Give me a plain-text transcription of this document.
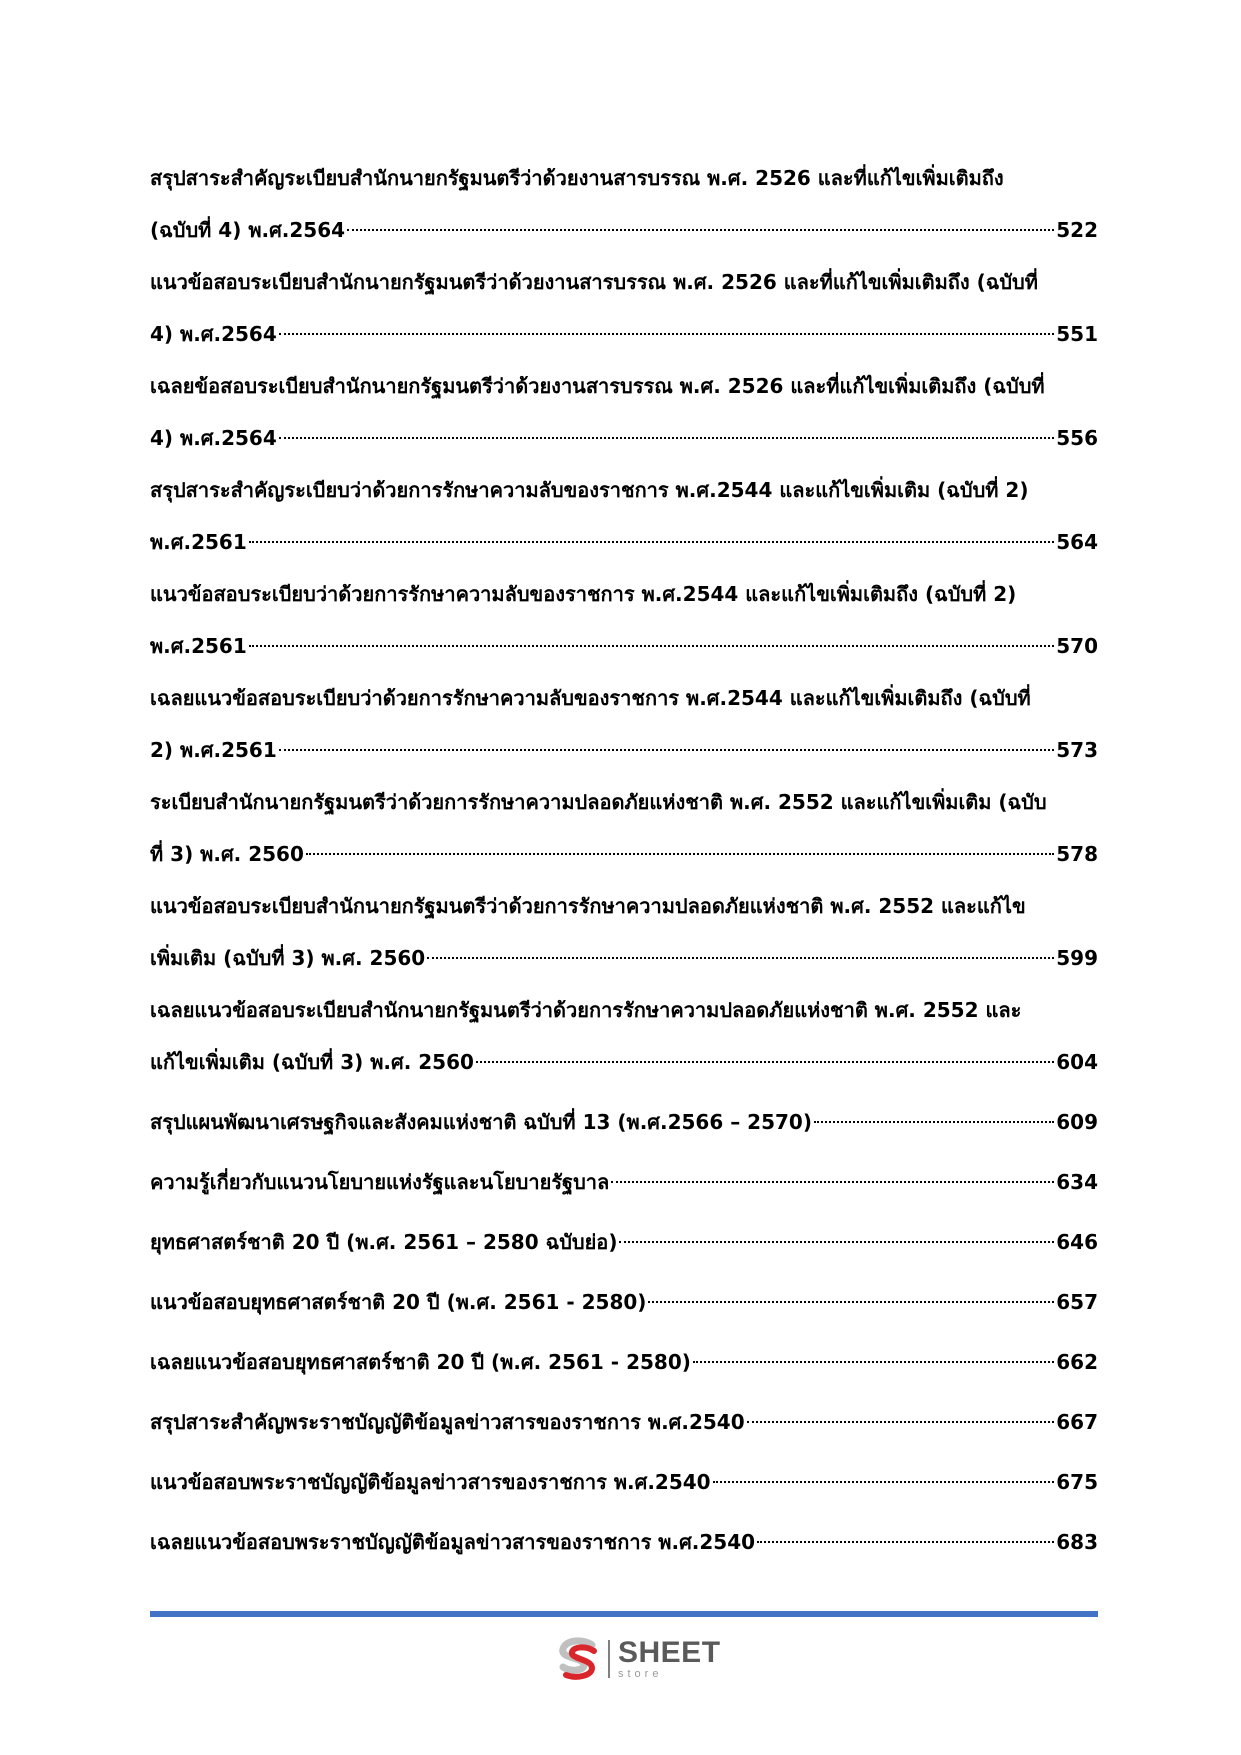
สรุปสาระสำคัญระเบียบสำนักนายกรัฐมนตรีว่าด้วยงานสารบรรณ พ.ศ. 2526 และที่แก้ไขเพิ่มเติมถึง
(ฉบับที่ 4) พ.ศ.2564	522
แนวข้อสอบระเบียบสำนักนายกรัฐมนตรีว่าด้วยงานสารบรรณ พ.ศ. 2526 และที่แก้ไขเพิ่มเติมถึง (ฉบับที่
4) พ.ศ.2564	551
เฉลยข้อสอบระเบียบสำนักนายกรัฐมนตรีว่าด้วยงานสารบรรณ พ.ศ. 2526 และที่แก้ไขเพิ่มเติมถึง (ฉบับที่
4) พ.ศ.2564	556
สรุปสาระสำคัญระเบียบว่าด้วยการรักษาความลับของราชการ พ.ศ.2544 และแก้ไขเพิ่มเติม (ฉบับที่ 2)
พ.ศ.2561	564
แนวข้อสอบระเบียบว่าด้วยการรักษาความลับของราชการ พ.ศ.2544 และแก้ไขเพิ่มเติมถึง (ฉบับที่ 2)
พ.ศ.2561	570
เฉลยแนวข้อสอบระเบียบว่าด้วยการรักษาความลับของราชการ พ.ศ.2544 และแก้ไขเพิ่มเติมถึง (ฉบับที่
2) พ.ศ.2561	573
ระเบียบสำนักนายกรัฐมนตรีว่าด้วยการรักษาความปลอดภัยแห่งชาติ พ.ศ. 2552 และแก้ไขเพิ่มเติม (ฉบับ
ที่ 3) พ.ศ. 2560	578
แนวข้อสอบระเบียบสำนักนายกรัฐมนตรีว่าด้วยการรักษาความปลอดภัยแห่งชาติ พ.ศ. 2552 และแก้ไข
เพิ่มเติม (ฉบับที่ 3) พ.ศ. 2560	599
เฉลยแนวข้อสอบระเบียบสำนักนายกรัฐมนตรีว่าด้วยการรักษาความปลอดภัยแห่งชาติ พ.ศ. 2552 และ
แก้ไขเพิ่มเติม (ฉบับที่ 3) พ.ศ. 2560	604
สรุปแผนพัฒนาเศรษฐกิจและสังคมแห่งชาติ ฉบับที่ 13 (พ.ศ.2566 – 2570)	609
ความรู้เกี่ยวกับแนวนโยบายแห่งรัฐและนโยบายรัฐบาล	634
ยุทธศาสตร์ชาติ 20 ปี (พ.ศ. 2561 – 2580 ฉบับย่อ)	646
แนวข้อสอบยุทธศาสตร์ชาติ 20 ปี (พ.ศ. 2561 - 2580)	657
เฉลยแนวข้อสอบยุทธศาสตร์ชาติ 20 ปี (พ.ศ. 2561 - 2580)	662
สรุปสาระสำคัญพระราชบัญญัติข้อมูลข่าวสารของราชการ พ.ศ.2540	667
แนวข้อสอบพระราชบัญญัติข้อมูลข่าวสารของราชการ พ.ศ.2540	675
เฉลยแนวข้อสอบพระราชบัญญัติข้อมูลข่าวสารของราชการ พ.ศ.2540	683
SHEET
store
